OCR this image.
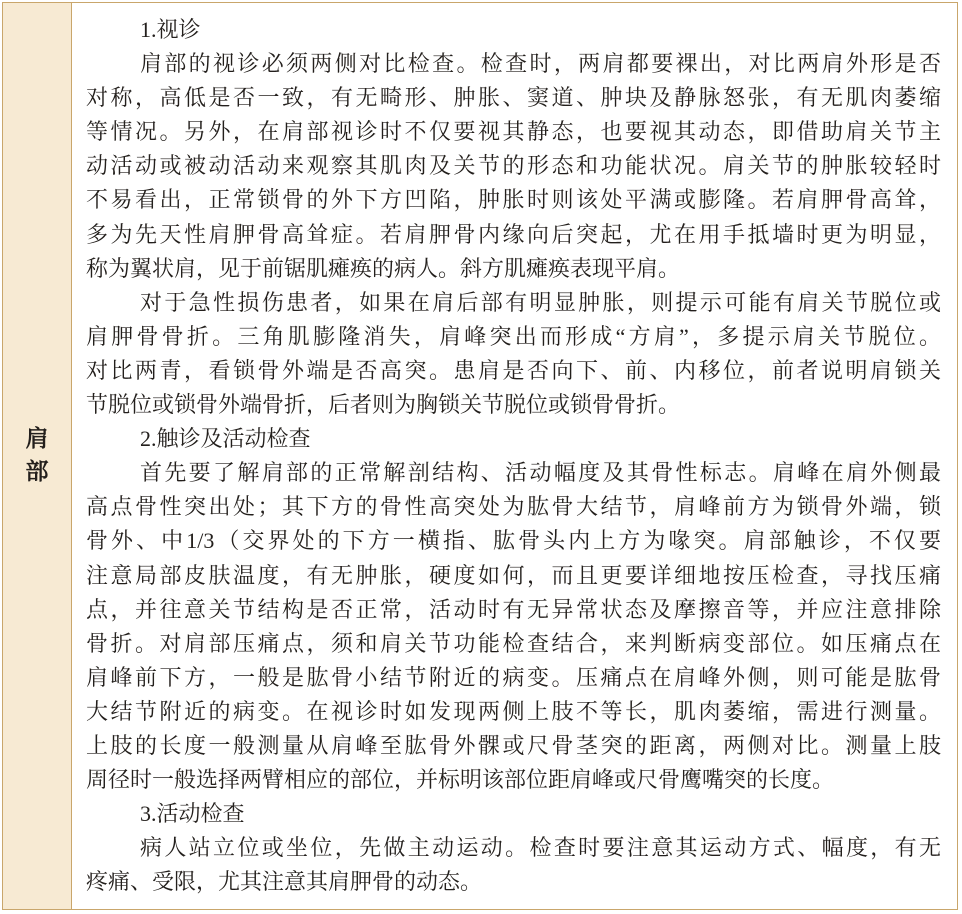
肩部
1.视诊
肩部的视诊必须两侧对比检查。检查时，两肩都要裸出，对比两肩外形是否
对称，高低是否一致，有无畸形、肿胀、窦道、肿块及静脉怒张，有无肌肉萎缩
等情况。另外，在肩部视诊时不仅要视其静态，也要视其动态，即借助肩关节主
动活动或被动活动来观察其肌肉及关节的形态和功能状况。肩关节的肿胀较轻时
不易看出，正常锁骨的外下方凹陷，肿胀时则该处平满或膨隆。若肩胛骨高耸，
多为先天性肩胛骨高耸症。若肩胛骨内缘向后突起，尤在用手抵墙时更为明显，
称为翼状肩，见于前锯肌瘫痪的病人。斜方肌瘫痪表现平肩。
对于急性损伤患者，如果在肩后部有明显肿胀，则提示可能有肩关节脱位或
肩胛骨骨折。三角肌膨隆消失，肩峰突出而形成“方肩”，多提示肩关节脱位。
对比两青，看锁骨外端是否高突。患肩是否向下、前、内移位，前者说明肩锁关
节脱位或锁骨外端骨折，后者则为胸锁关节脱位或锁骨骨折。
2.触诊及活动检查
首先要了解肩部的正常解剖结构、活动幅度及其骨性标志。肩峰在肩外侧最
高点骨性突出处；其下方的骨性高突处为肱骨大结节，肩峰前方为锁骨外端，锁
骨外、中1/3（交界处的下方一横指、肱骨头内上方为喙突。肩部触诊，不仅要
注意局部皮肤温度，有无肿胀，硬度如何，而且更要详细地按压检查，寻找压痛
点，并往意关节结构是否正常，活动时有无异常状态及摩擦音等，并应注意排除
骨折。对肩部压痛点，须和肩关节功能检查结合，来判断病变部位。如压痛点在
肩峰前下方，一般是肱骨小结节附近的病变。压痛点在肩峰外侧，则可能是肱骨
大结节附近的病变。在视诊时如发现两侧上肢不等长，肌肉萎缩，需进行测量。
上肢的长度一般测量从肩峰至肱骨外髁或尺骨茎突的距离，两侧对比。测量上肢
周径时一般选择两臂相应的部位，并标明该部位距肩峰或尺骨鹰嘴突的长度。
3.活动检查
病人站立位或坐位，先做主动运动。检查时要注意其运动方式、幅度，有无
疼痛、受限，尤其注意其肩胛骨的动态。
